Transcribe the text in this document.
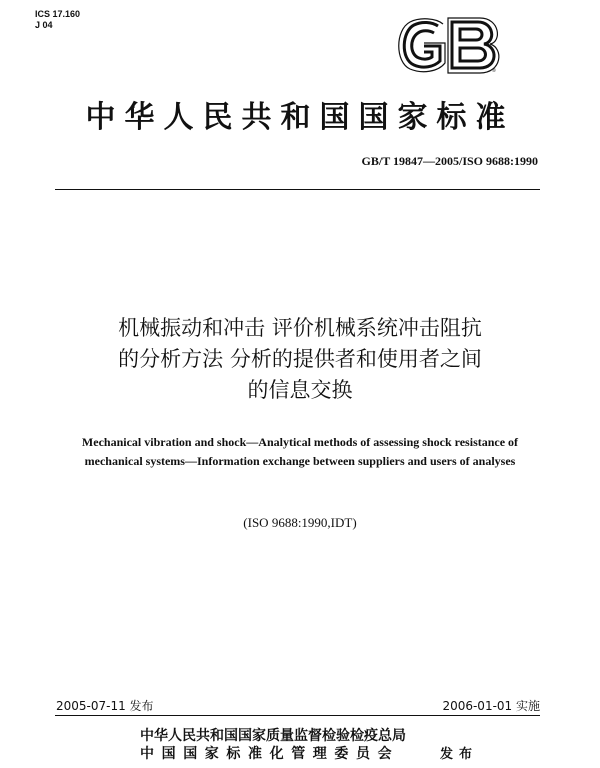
ICS 17.160
J 04
®
中华人民共和国国家标准
GB/T 19847—2005/ISO 9688:1990
机械振动和冲击 评价机械系统冲击阻抗
的分析方法 分析的提供者和使用者之间
的信息交换
Mechanical vibration and shock—Analytical methods of assessing shock resistance of mechanical systems—Information exchange between suppliers and users of analyses
(ISO 9688:1990,IDT)
2005-07-11 发布	2006-01-01 实施
中华人民共和国国家质量监督检验检疫总局
中国国家标准化管理委员会	发布
